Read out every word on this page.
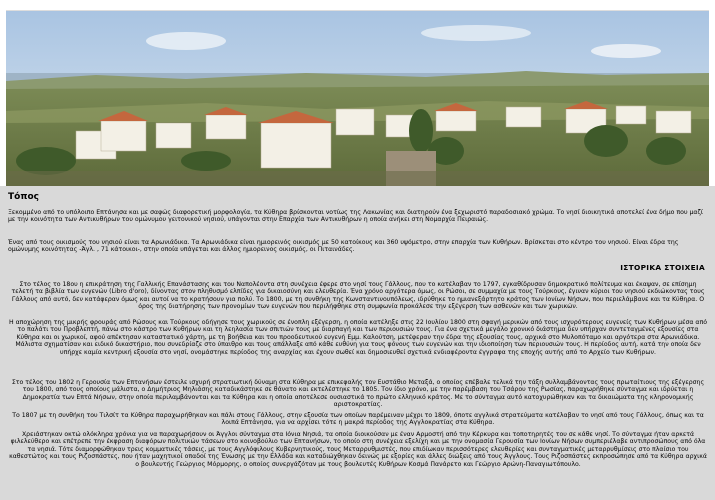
Τόπος

Ξεκομμένο από το υπόλοιπο Επτάνησα και με σαφώς διαφορετική μορφολογία, τα Κύθηρα βρίσκονται νοτίως της Λακωνίας και διατηρούν ένα ξεχωριστό παραδοσιακό χρώμα. Το νησί διοικητικά αποτελεί ένα δήμο που μαζί με την κοινότητα των Αντικυθήρων του ομώνυμου γειτονικού νησιού, υπάγονται στην Επαρχία των Αντικυθήρων η οποία ανήκει στη Νομαρχία Πειραιώς.

Ένας από τους οικισμούς του νησιού είναι τα Αρωνιάδικα. Τα Αρωνιάδικα είναι ημιορεινός οικισμός με 50 κατοίκους και 360 υψόμετρο, στην επαρχία των Κυθήρων. Βρίσκεται στο κέντρο του νησιού. Είναι έδρα της ομώνυμης κοινότητας -Άγλ. , 71 κάτοικοι-, στην οποία υπάγεται και άλλος ημιορεινος οικισμός, οι Πιταινάδες.

ΙΣΤΟΡΙΚΑ ΣΤΟΙΧΕΙΑ

Στο τέλος το 18ου η επικράτηση της Γαλλικής Επανάστασης και του Ναπολέοντα στη συνέχεια έφερε στο νησί τους Γάλλους, που το κατέλαβαν το 1797, εγκαθίδρυσαν δημοκρατικό πολίτευμα και έκαψαν, σε επίσημη τελετή τα βιβλία των ευγενών (Libro d'oro), δίνοντας στον πληθυσμό ελπίδες για δικαιοσύνη και ελευθερία. Ένα χρόνο αργότερα όμως, οι Ρώσοι, σε συμμαχία με τους Τούρκους, έγιναν κύριοι του νησιού εκδιώκοντας τους Γάλλους από αυτό, δεν κατάφεραν όμως και αυτοί να το κρατήσουν για πολύ. Το 1800, με τη συνθήκη της Κωνσταντινουπόλεως, ιδρύθηκε το ημιανεξάρτητο κράτος των Ιονίων Νήσων, που περιελάμβανε και τα Κύθηρα. Ο όρος της διατήρησης των προνομίων των ευγενών που περιλήφθηκε στη συμφωνία προκάλεσε την εξέγερση των ασθενών και των χωρικών.

Η αποχώρηση της μικρής φρουράς από Ρώσους και Τούρκους οδήγησε τους χωρικούς σε ένοπλη εξέγερση, η οποία κατέληξε στις 22 Ιουλίου 1800 στη σφαγή μερικών από τους ισχυρότερους ευγενείς των Κυθήρων μέσα από το παλάτι του Προβλεπτή, πάνω στο κάστρο των Κυθήρων και τη λεηλασία των σπιτιών τους με διαρπαγή και των περιουσιών τους. Για ένα σχετικά μεγάλο χρονικό διάστημα δεν υπήρχαν συντεταγμένες εξουσίες στα Κύθηρα και οι χωρικοί, αφού απέκτησαν καταστατικό χάρτη, με τη βοήθεια και του προοδευτικού ευγενή Εμμ. Καλούτση, μετέφεραν την έδρα της εξουσίας τους, αρχικά στο Μυλοπόταμο και αργότερα στα Αρωνιάδικα. Μάλιστα σχηματίσαν και ειδικό δικαστήριο, που συνεδρίαζε στο ύπαιθρο και τους απάλλαξε από κάθε ευθύνη για τους φόνους των ευγενών και την ιδιοποίηση των περιουσιών τους. Η περίοδος αυτή, κατά την οποία δεν υπήρχε καμία κεντρική εξουσία στο νησί, ονομάστηκε περίοδος της αναρχίας και έχουν σωθεί και δημοσιευθεί σχετικά ενδιαφέροντα έγγραφα της εποχής αυτής από το Αρχείο των Κυθήρων.

Στο τέλος του 1802 η Γερουσία των Επτανήσων έστειλε ισχυρή στρατιωτική δύναμη στα Κύθηρα με επικεφαλής τον Ευστάθιο Μεταξά, ο οποίος επέβαλε τελικά την τάξη συλλαμβάνοντας τους πρωταίτιους της εξέγερσης του 1800, από τους οποίους μάλιστα, ο Δημήτριος Μηλιάσης καταδικάστηκε σε θάνατο και εκτελέστηκε το 1805. Τον ίδιο χρόνο, με την παρέμβαση του Τσάρου της Ρωσίας, παραχωρήθηκε σύνταγμα και ιδρύεται η Δημοκρατία των Επτά Νήσων, στην οποία περιλαμβάνονται και τα Κύθηρα και η οποία αποτέλεσε ουσιαστικά το πρώτο ελληνικό κράτος. Με το σύνταγμα αυτό κατοχυρώθηκαν και τα δικαιώματα της κληρονομικής αριστοκρατίας.

Το 1807 με τη συνθήκη του Τιλσίτ τα Κύθηρα παραχωρήθηκαν και πάλι στους Γάλλους, στην εξουσία των οποίων παρέμειναν μέχρι το 1809, όποτε αγγλικά στρατεύματα κατέλαβαν το νησί από τους Γάλλους, όπως και τα λοιπά Επτάνησα, για να αρχίσει τότε η μακρά περίοδος της Αγγλοκρατίας στα Κύθηρα.

Χρειάστηκαν οκτώ ολόκληρα χρόνια για να παραχωρήσουν οι Άγγλοι σύνταγμα στα Ιόνια Νησιά, τα οποία διοικούσαν με έναν Αρμοστή από την Κέρκυρα και τοποτηρητές του σε κάθε νησί. Το σύνταγμα ήταν αρκετά φιλελεύθερο και επέτρεπε την έκφραση διαφόρων πολιτικών τάσεων στο κοινοβούλιο των Επτανήσων, το οποίο στη συνέχεια εξελίχη και με την ονομασία Γερουσία των Ιονίων Νήσων συμπεριέλαβε αντιπροσώπους από όλα τα νησιά. Τότε διαμορφώθηκαν τρεις κομματικές τάσεις, με τους Αγγλόφιλους Κυβερνητικούς, τους Μεταρρυθμιστές, που επιδίωκαν περισσότερες ελευθερίες και συνταγματικές μεταρρυθμίσεις στο πλαίσιο του καθεστώτος και τους Ριζοσπάστες, που ήταν μαχητικοί οπαδοί της Ένωσης με την Ελλάδα και καταδιώχθηκαν δεινώς με εξορίες και άλλες διώξεις από τους Άγγλους. Τους Ριζοσπάστες εκπροσώπησε από τα Κύθηρα αρχικά ο βουλευτής Γεώργιος Μόρμορης, ο οποίος συνεργάζόταν με τους βουλευτές Κυθήρων Κοσμά Πανάρετο και Γεώργιο Αρώνη-Παναγιωτόπουλο.
